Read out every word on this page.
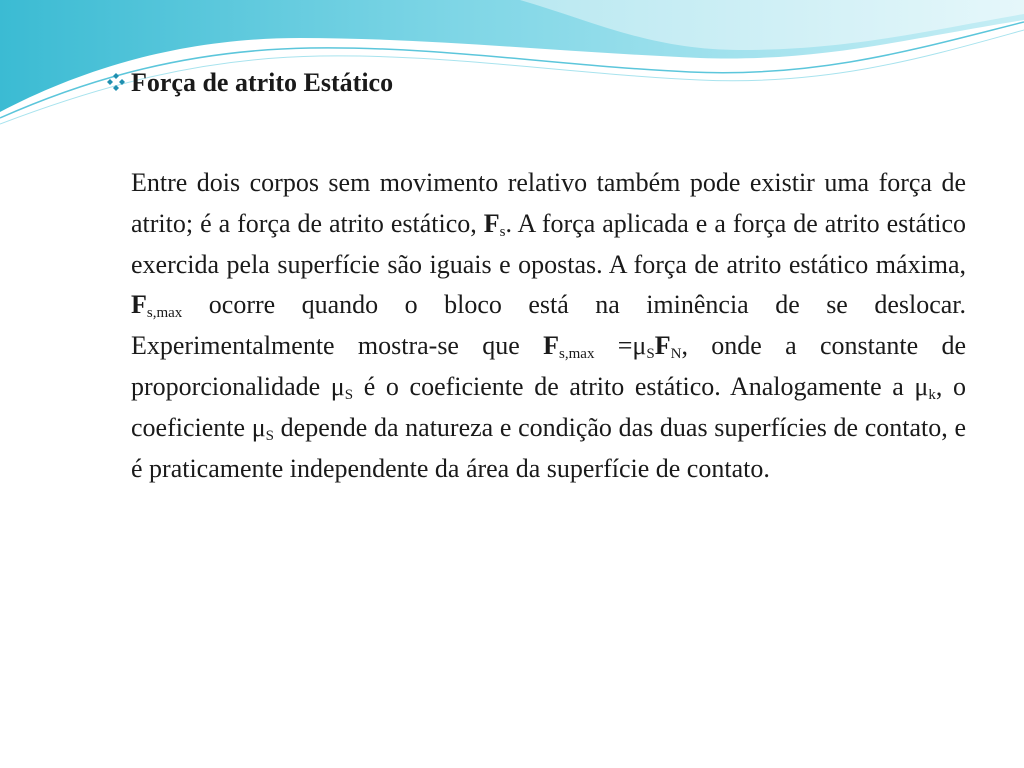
Força de atrito Estático
Entre dois corpos sem movimento relativo também pode existir uma força de atrito; é a força de atrito estático, $F_s$. A força aplicada e a força de atrito estático exercida pela superfície são iguais e opostas. A força de atrito estático máxima, $F_{s,max}$ ocorre quando o bloco está na iminência de se deslocar. Experimentalmente mostra-se que $F_{s,max} =\mu_SF_N$, onde a constante de proporcionalidade $\mu_S$ é o coeficiente de atrito estático. Analogamente a $\mu_k$, o coeficiente $\mu_S$ depende da natureza e condição das duas superfícies de contato, e é praticamente independente da área da superfície de contato.
